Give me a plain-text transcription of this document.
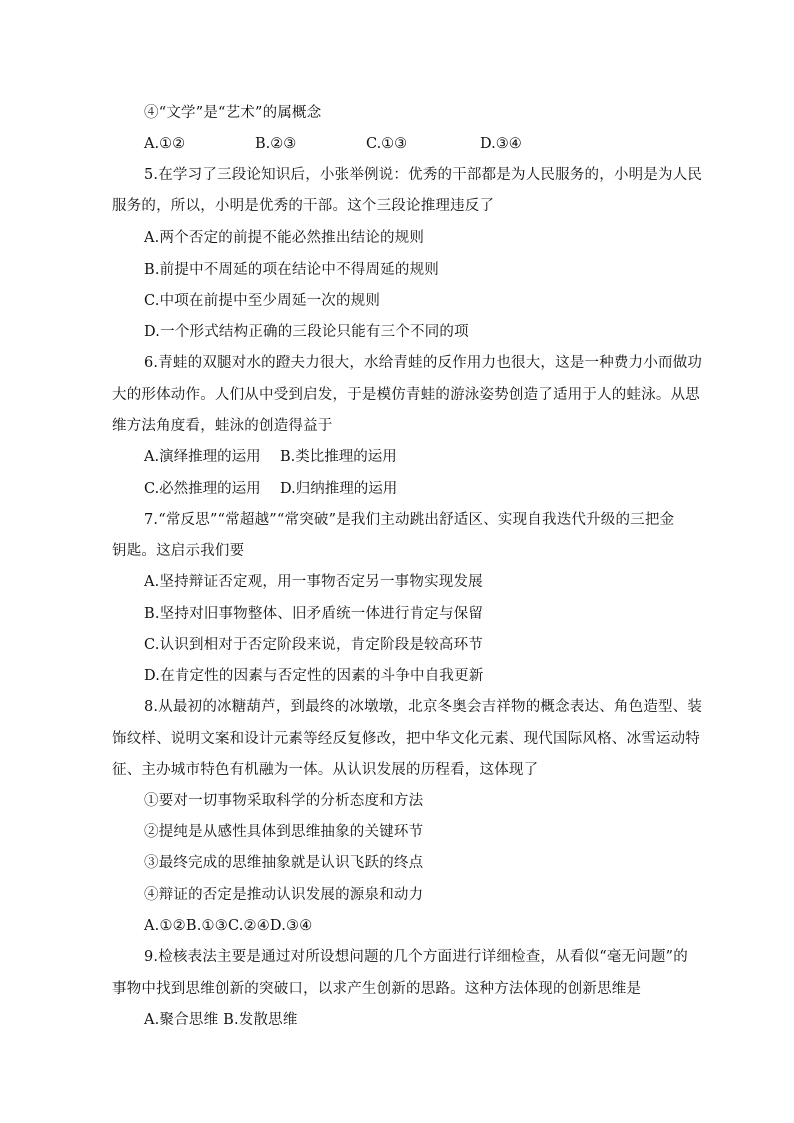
④“文学”是“艺术”的属概念
A.①②	B.②③	C.①③	D.③④
5.在学习了三段论知识后，小张举例说：优秀的干部都是为人民服务的，小明是为人民
服务的，所以，小明是优秀的干部。这个三段论推理违反了
A.两个否定的前提不能必然推出结论的规则
B.前提中不周延的项在结论中不得周延的规则
C.中项在前提中至少周延一次的规则
D.一个形式结构正确的三段论只能有三个不同的项
6.青蛙的双腿对水的蹬夫力很大，水给青蛙的反作用力也很大，这是一种费力小而做功
大的形体动作。人们从中受到启发，于是模仿青蛙的游泳姿势创造了适用于人的蛙泳。从思
维方法角度看，蛙泳的创造得益于
A.演绎推理的运用 B.类比推理的运用
C.必然推理的运用 D.归纳推理的运用
7.“常反思”“常超越”“常突破”是我们主动跳出舒适区、实现自我迭代升级的三把金
钥匙。这启示我们要
A.坚持辩证否定观，用一事物否定另一事物实现发展
B.坚持对旧事物整体、旧矛盾统一体进行肯定与保留
C.认识到相对于否定阶段来说，肯定阶段是较高环节
D.在肯定性的因素与否定性的因素的斗争中自我更新
8.从最初的冰糖葫芦，到最终的冰墩墩，北京冬奥会吉祥物的概念表达、角色造型、装
饰纹样、说明文案和设计元素等经反复修改，把中华文化元素、现代国际风格、冰雪运动特
征、主办城市特色有机融为一体。从认识发展的历程看，这体现了
①要对一切事物采取科学的分析态度和方法
②提纯是从感性具体到思维抽象的关键环节
③最终完成的思维抽象就是认识飞跃的终点
④辩证的否定是推动认识发展的源泉和动力
A.①②B.①③C.②④D.③④
9.检核表法主要是通过对所设想问题的几个方面进行详细检查，从看似“毫无问题”的
事物中找到思维创新的突破口，以求产生创新的思路。这种方法体现的创新思维是
A.聚合思维 B.发散思维
